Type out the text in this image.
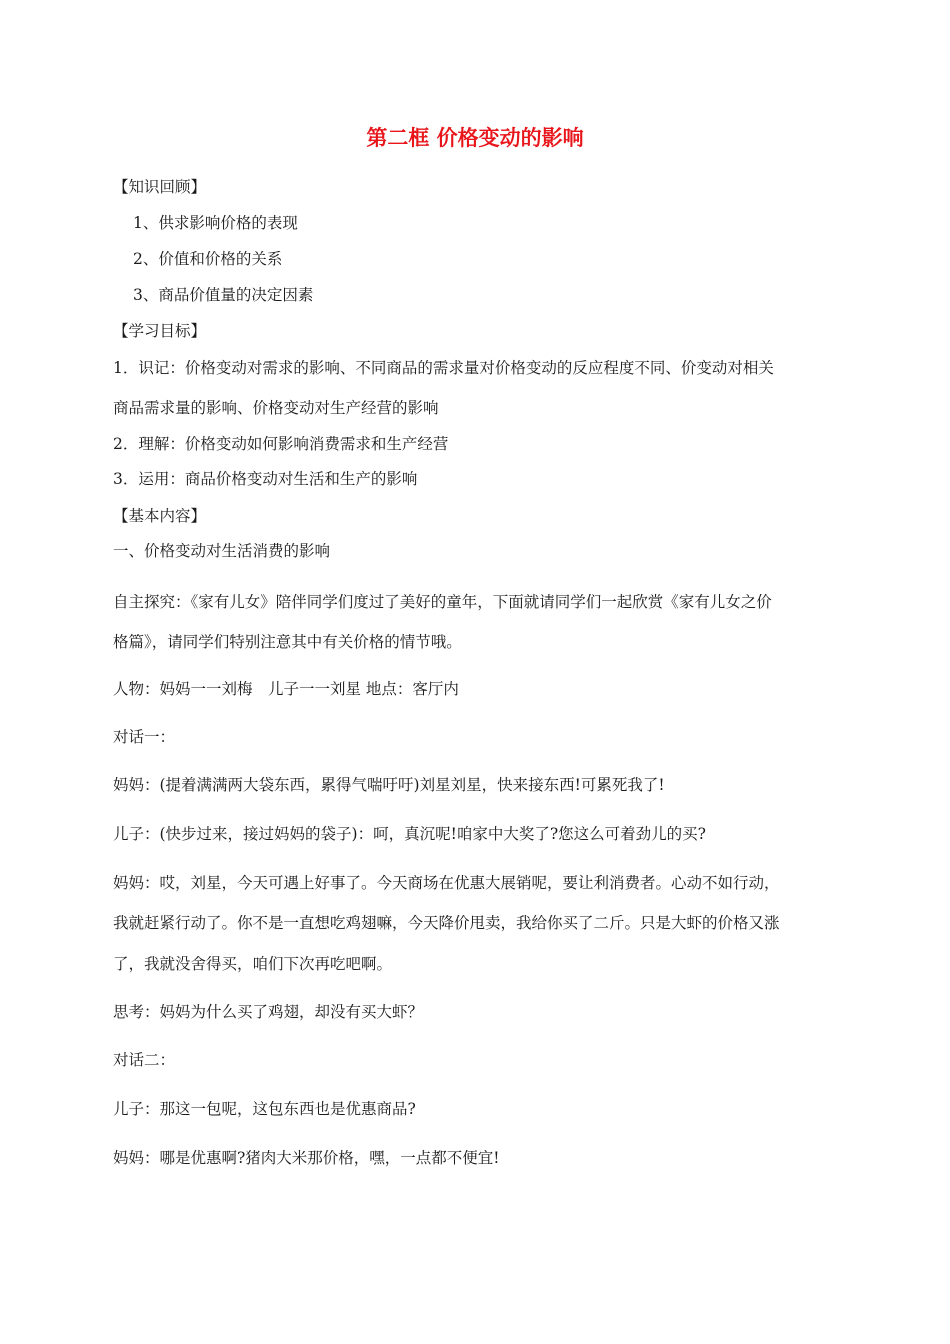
第二框 价格变动的影响
【知识回顾】
1、供求影响价格的表现
2、价值和价格的关系
3、商品价值量的决定因素
【学习目标】
1．识记：价格变动对需求的影响、不同商品的需求量对价格变动的反应程度不同、价变动对相关
商品需求量的影响、价格变动对生产经营的影响
2．理解：价格变动如何影响消费需求和生产经营
3．运用：商品价格变动对生活和生产的影响
【基本内容】
一、价格变动对生活消费的影响
自主探究：《家有儿女》陪伴同学们度过了美好的童年，下面就请同学们一起欣赏《家有儿女之价
格篇》，请同学们特别注意其中有关价格的情节哦。
人物：妈妈一一刘梅　儿子一一刘星 地点：客厅内
对话一：
妈妈：(提着满满两大袋东西，累得气喘吁吁)刘星刘星，快来接东西!可累死我了!
儿子：(快步过来，接过妈妈的袋子)：呵，真沉呢!咱家中大奖了?您这么可着劲儿的买?
妈妈：哎，刘星，今天可遇上好事了。今天商场在优惠大展销呢，要让利消费者。心动不如行动，
我就赶紧行动了。你不是一直想吃鸡翅嘛，今天降价甩卖，我给你买了二斤。只是大虾的价格又涨
了，我就没舍得买，咱们下次再吃吧啊。
思考：妈妈为什么买了鸡翅，却没有买大虾？
对话二：
儿子：那这一包呢，这包东西也是优惠商品?
妈妈：哪是优惠啊?猪肉大米那价格，嘿，一点都不便宜!
